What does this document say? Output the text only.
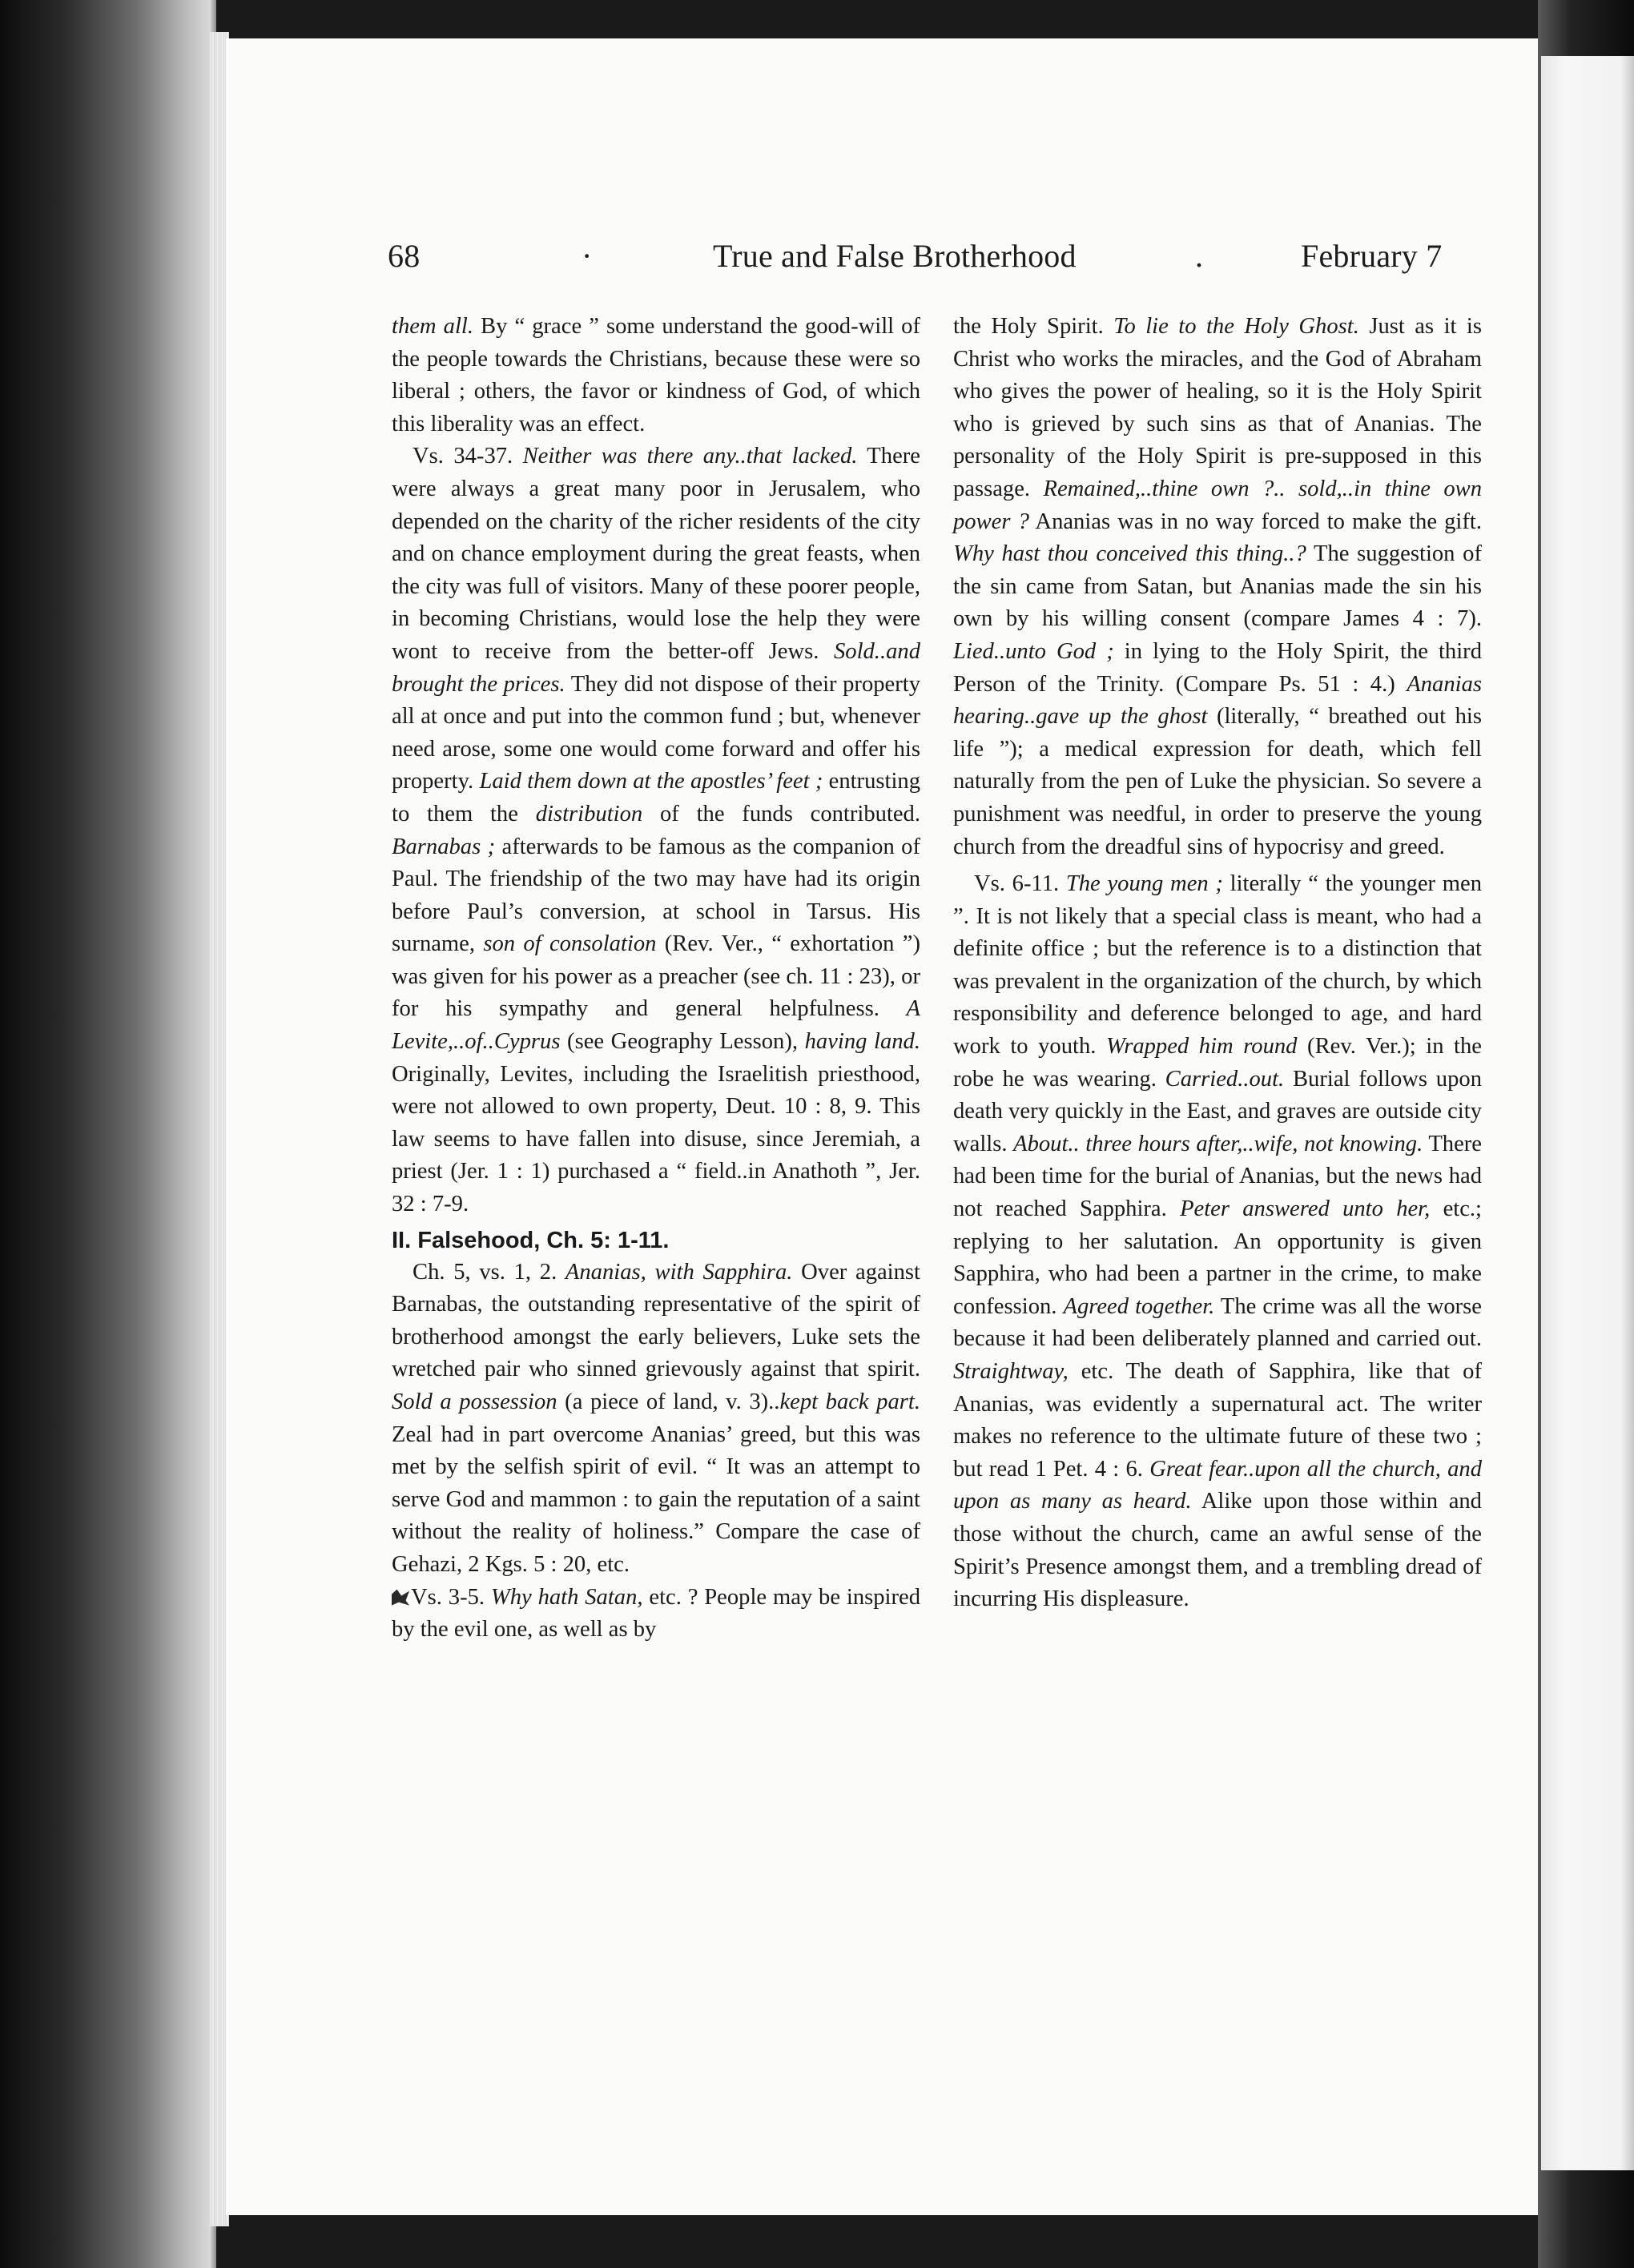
68	·	True and False Brotherhood	.	February 7

them all. By “ grace ” some understand the good-will of the people towards the Christians, because these were so liberal ; others, the favor or kindness of God, of which this liberality was an effect.

Vs. 34-37. Neither was there any..that lacked. There were always a great many poor in Jerusalem, who depended on the charity of the richer residents of the city and on chance employment during the great feasts, when the city was full of visitors. Many of these poorer people, in becoming Christians, would lose the help they were wont to receive from the better-off Jews. Sold..and brought the prices. They did not dispose of their property all at once and put into the common fund ; but, whenever need arose, some one would come forward and offer his property. Laid them down at the apostles’ feet ; entrusting to them the distribution of the funds contributed. Barnabas ; afterwards to be famous as the companion of Paul. The friendship of the two may have had its origin before Paul’s conversion, at school in Tarsus. His surname, son of consolation (Rev. Ver., “ exhortation ”) was given for his power as a preacher (see ch. 11 : 23), or for his sympathy and general helpfulness. A Levite,..of..Cyprus (see Geography Lesson), having land. Originally, Levites, including the Israelitish priesthood, were not allowed to own property, Deut. 10 : 8, 9. This law seems to have fallen into disuse, since Jeremiah, a priest (Jer. 1 : 1) purchased a “ field..in Anathoth ”, Jer. 32 : 7-9.

II. Falsehood, Ch. 5: 1-11.

Ch. 5, vs. 1, 2. Ananias, with Sapphira. Over against Barnabas, the outstanding representative of the spirit of brotherhood amongst the early believers, Luke sets the wretched pair who sinned grievously against that spirit. Sold a possession (a piece of land, v. 3)..kept back part. Zeal had in part overcome Ananias’ greed, but this was met by the selfish spirit of evil. “ It was an attempt to serve God and mammon : to gain the reputation of a saint without the reality of holiness.” Compare the case of Gehazi, 2 Kgs. 5 : 20, etc.

Vs. 3-5. Why hath Satan, etc. ? People may be inspired by the evil one, as well as by

the Holy Spirit. To lie to the Holy Ghost. Just as it is Christ who works the miracles, and the God of Abraham who gives the power of healing, so it is the Holy Spirit who is grieved by such sins as that of Ananias. The personality of the Holy Spirit is pre-supposed in this passage. Remained,..thine own ?.. sold,..in thine own power ? Ananias was in no way forced to make the gift. Why hast thou conceived this thing..? The suggestion of the sin came from Satan, but Ananias made the sin his own by his willing consent (compare James 4 : 7). Lied..unto God ; in lying to the Holy Spirit, the third Person of the Trinity. (Compare Ps. 51 : 4.) Ananias hearing..gave up the ghost (literally, “ breathed out his life ”); a medical expression for death, which fell naturally from the pen of Luke the physician. So severe a punishment was needful, in order to preserve the young church from the dreadful sins of hypocrisy and greed.

Vs. 6-11. The young men ; literally “ the younger men ”. It is not likely that a special class is meant, who had a definite office ; but the reference is to a distinction that was prevalent in the organization of the church, by which responsibility and deference belonged to age, and hard work to youth. Wrapped him round (Rev. Ver.); in the robe he was wearing. Carried..out. Burial follows upon death very quickly in the East, and graves are outside city walls. About.. three hours after,..wife, not knowing. There had been time for the burial of Ananias, but the news had not reached Sapphira. Peter answered unto her, etc.; replying to her salutation. An opportunity is given Sapphira, who had been a partner in the crime, to make confession. Agreed together. The crime was all the worse because it had been deliberately planned and carried out. Straightway, etc. The death of Sapphira, like that of Ananias, was evidently a supernatural act. The writer makes no reference to the ultimate future of these two ; but read 1 Pet. 4 : 6. Great fear..upon all the church, and upon as many as heard. Alike upon those within and those without the church, came an awful sense of the Spirit’s Presence amongst them, and a trembling dread of incurring His displeasure.
